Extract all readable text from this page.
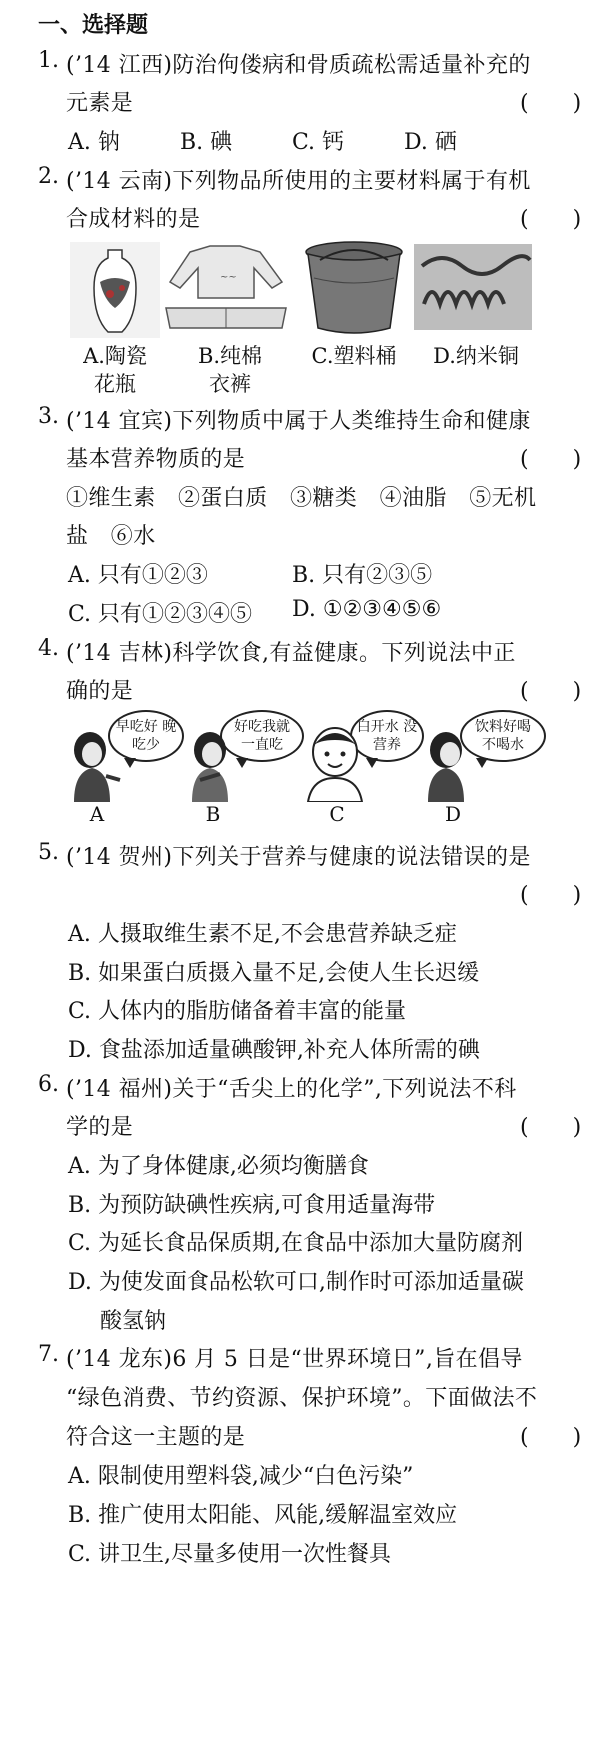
一、选择题
1. (’14 江西)防治佝偻病和骨质疏松需适量补充的
元素是	(　　)
A. 钠	B. 碘	C. 钙	D. 硒
2. (’14 云南)下列物品所使用的主要材料属于有机
合成材料的是	(　　)
~~
A.陶瓷
花瓶
B.纯棉
衣裤
C.塑料桶	D.纳米铜
3. (’14 宜宾)下列物质中属于人类维持生命和健康
基本营养物质的是	(　　)
①维生素　②蛋白质　③糖类　④油脂　⑤无机
盐　⑥水
A. 只有①②③	B. 只有②③⑤
C. 只有①②③④⑤ D. ①②③④⑤⑥
4. (’14 吉林)科学饮食,有益健康。下列说法中正
确的是	(　　)
早吃好 晚吃少
好吃我就 一直吃
白开水 没营养
饮料好喝 不喝水
A	B	C	D
5. (’14 贺州)下列关于营养与健康的说法错误的是
(　　)
A. 人摄取维生素不足,不会患营养缺乏症
B. 如果蛋白质摄入量不足,会使人生长迟缓
C. 人体内的脂肪储备着丰富的能量
D. 食盐添加适量碘酸钾,补充人体所需的碘
6. (’14 福州)关于“舌尖上的化学”,下列说法不科
学的是	(　　)
A. 为了身体健康,必须均衡膳食
B. 为预防缺碘性疾病,可食用适量海带
C. 为延长食品保质期,在食品中添加大量防腐剂
D. 为使发面食品松软可口,制作时可添加适量碳
酸氢钠
7. (’14 龙东)6 月 5 日是“世界环境日”,旨在倡导
“绿色消费、节约资源、保护环境”。下面做法不
符合这一主题的是	(　　)
A. 限制使用塑料袋,减少“白色污染”
B. 推广使用太阳能、风能,缓解温室效应
C. 讲卫生,尽量多使用一次性餐具
